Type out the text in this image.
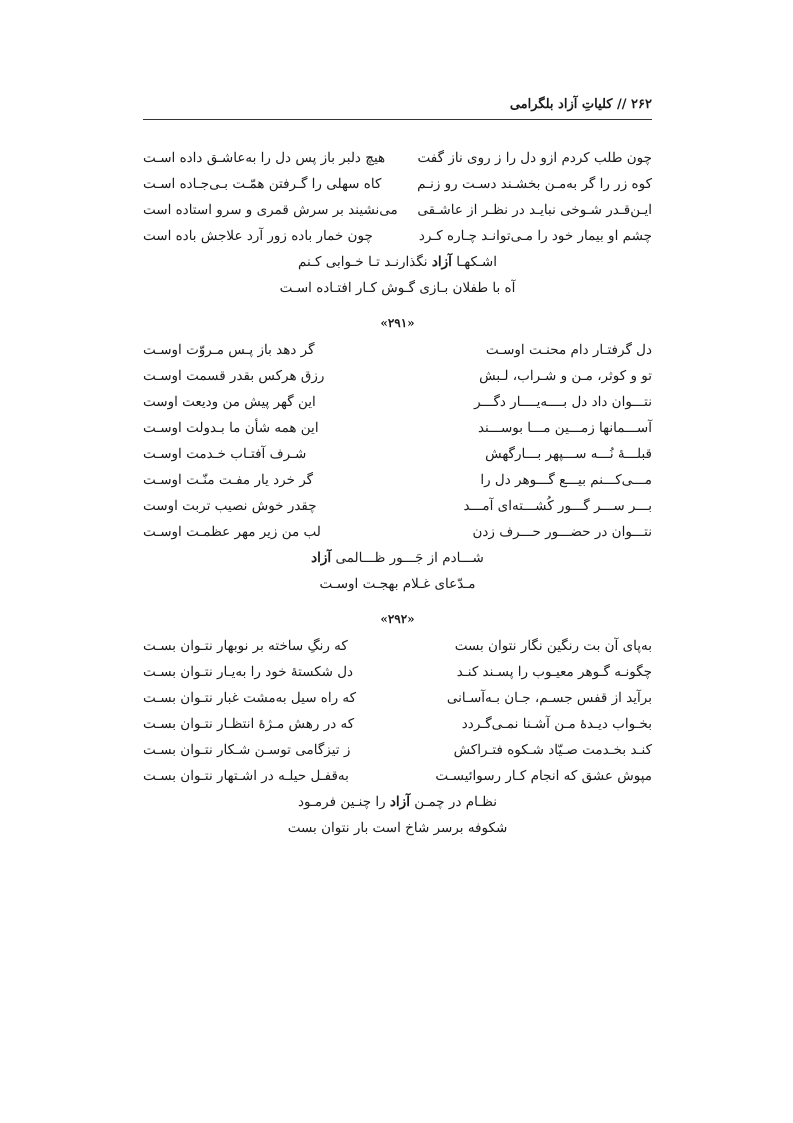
۲۶۲ // کلیاتِ آزاد بلگرامی
چون طلب کردم ازو دل را ز روی ناز گفت
هیچ دلبر باز پس دل را به‌عاشـق داده اسـت
کوه زر را گر به‌مـن بخشـند دسـت رو زنـم
کاه سهلی را گـرفتن همّـت بـی‌جـاده اسـت
ایـن‌قـدر شـوخی نبایـد در نظـر از عاشـقی
می‌نشیند بر سرش قمری و سرو استاده است
چشم او بیمار خود را مـی‌توانـد چـاره کـرد
چون خمار باده زور آرد علاجش باده است
اشـکهـا آزاد نگذارنـد تـا خـوابی کـنم
آه با طفلان بـازی گـوش کـار افتـاده اسـت
«۲۹۱»
دل گرفتـار دام محنـت اوسـت
گر دهد باز پـس مـروّت اوسـت
تو و کوثر، مـن و شـراب، لـبش
رزق هرکس بقدر قسمت اوسـت
نتـــوان داد دل بــــه‌یــــار دگـــر
این گهر پیش من ودیعت اوست
آســـمانها زمـــین مـــا بوســـند
این همه شأن ما بـدولت اوسـت
قبلـــهٔ نُـــه ســـپهر بـــارگهش
شـرف آفتـاب خـدمت اوسـت
مـــی‌کـــنم بیـــع گـــوهر دل را
گر خرد یار مفـت منّـت اوسـت
بـــر ســـر گـــور کُشـــته‌ای آمـــد
چقدر خوش نصیب تربت اوست
نتـــوان در حضـــور حـــرف زدن
لب من زیر مهر عظمـت اوسـت
شـــادم از جَـــور ظـــالمی آزاد
مـدّعای غـلام بهجـت اوسـت
«۲۹۲»
به‌پای آن بت رنگین نگار نتوان بست
که رنگِ ساخته بر نوبهار نتـوان بسـت
چگونـه گـوهر معیـوب را پسـند کنـد
دل شکستهٔ خود را به‌یـار نتـوان بسـت
برآید از قفس جسـم، جـان بـه‌آسـانی
که راه سیل به‌مشت غبار نتـوان بسـت
بخـواب دیـدهٔ مـن آشـنا نمـی‌گـردد
که در رهش مـژهٔ انتظـار نتـوان بسـت
کنـد بخـدمت صـیّاد شـکوه فتـراکش
ز تیزگامی توسـن شـکار نتـوان بسـت
مپوش عشق که انجام کـار رسوائیسـت
به‌قفـل حیلـه در اشـتهار نتـوان بسـت
نظـام در چمـن آزاد را چنـین فرمـود
شکوفه برسر شاخ است بار نتوان بست
